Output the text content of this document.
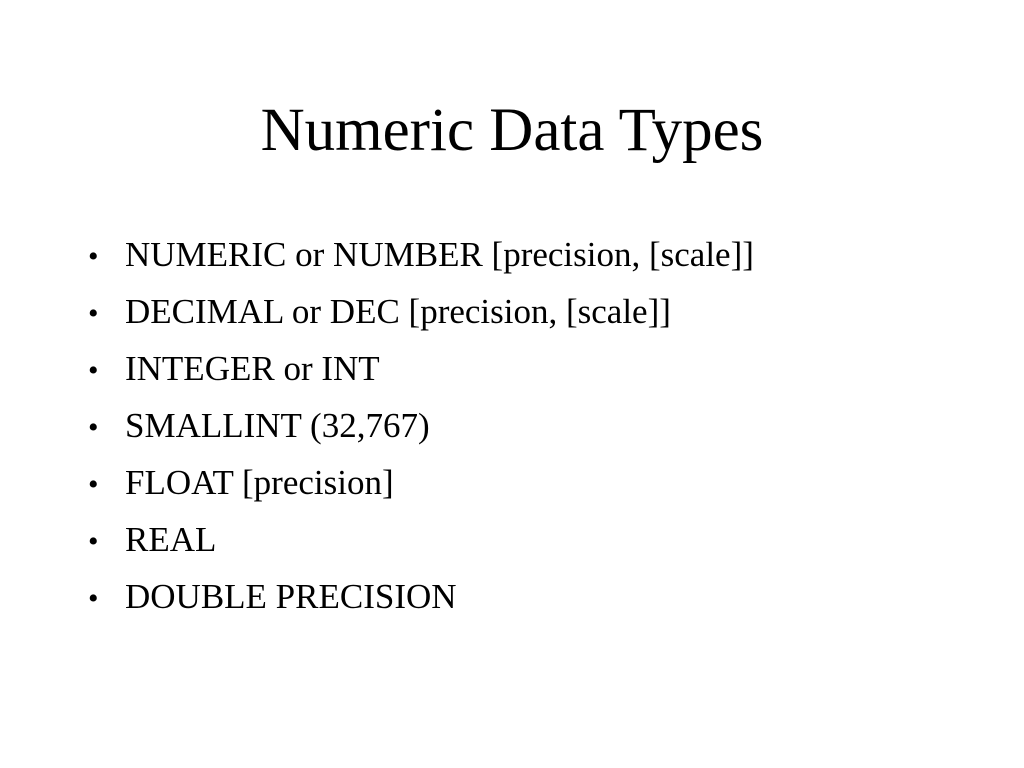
Numeric Data Types
• NUMERIC or NUMBER [precision, [scale]]
• DECIMAL or DEC [precision, [scale]]
• INTEGER or INT
• SMALLINT (32,767)
• FLOAT [precision]
• REAL
• DOUBLE PRECISION
